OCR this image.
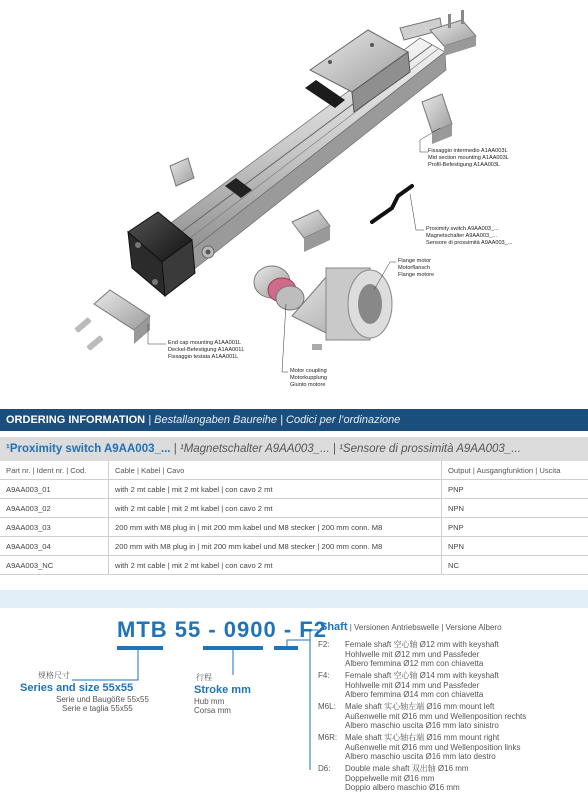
Fissaggio intermedio A1AA003L
Mid section mounting A1AA003L
Profil-Befestigung A1AA003L
Proximity switch A9AA003_...
Magnetschalter A9AA003_...
Sensore di prossimità A9AA003_...
Flange motor
Motorflansch
Flange motore
End cap mounting A1AA001L
Deckel-Befestigung A1AA001L
Fissaggio testata A1AA001L
Motor coupling
Motorkupplung
Giunto motore
ORDERING INFORMATION | Bestallangaben Baureihe | Codici per l’ordinazione
¹Proximity switch A9AA003_... | ¹Magnetschalter A9AA003_... | ¹Sensore di prossimità A9AA003_...
Part nr. | Ident nr. | Cod.	Cable | Kabel | Cavo	Output | Ausgangfunktion | Uscita
A9AA003_01	with 2 mt cable | mit 2 mt kabel | con cavo 2 mt	PNP
A9AA003_02	with 2 mt cable | mit 2 mt kabel | con cavo 2 mt	NPN
A9AA003_03	200 mm with M8 plug in | mit 200 mm kabel und M8 stecker | 200 mm conn. M8	PNP
A9AA003_04	200 mm with M8 plug in | mit 200 mm kabel und M8 stecker | 200 mm conn. M8	NPN
A9AA003_NC	with 2 mt cable | mit 2 mt kabel | con cavo 2 mt	NC
MTB 55 - 0900 - F2
Shaft | Versionen Antriebswelle | Versione Albero
规格尺寸
Series and size 55x55
Serie und Baugöße 55x55
Serie e taglia 55x55
行程
Stroke mm
Hub mm
Corsa mm
F2: Female shaft 空心轴 Ø12 mm with keyshaft
Hohlwelle mit Ø12 mm und Passfeder
Albero femmina Ø12 mm con chiavetta
F4: Female shaft 空心轴 Ø14 mm with keyshaft
Hohlwelle mit Ø14 mm und Passfeder
Albero femmina Ø14 mm con chiavetta
M6L: Male shaft 实心轴左端 Ø16 mm mount left
Außenwelle mit Ø16 mm und Wellenposition rechts
Albero maschio uscita Ø16 mm lato sinistro
M6R: Male shaft 实心轴右端 Ø16 mm mount right
Außenwelle mit Ø16 mm und Wellenposition links
Albero maschio uscita Ø16 mm lato destro
D6: Double male shaft 双出轴 Ø16 mm
Doppelwelle mit Ø16 mm
Doppio albero maschio Ø16 mm
